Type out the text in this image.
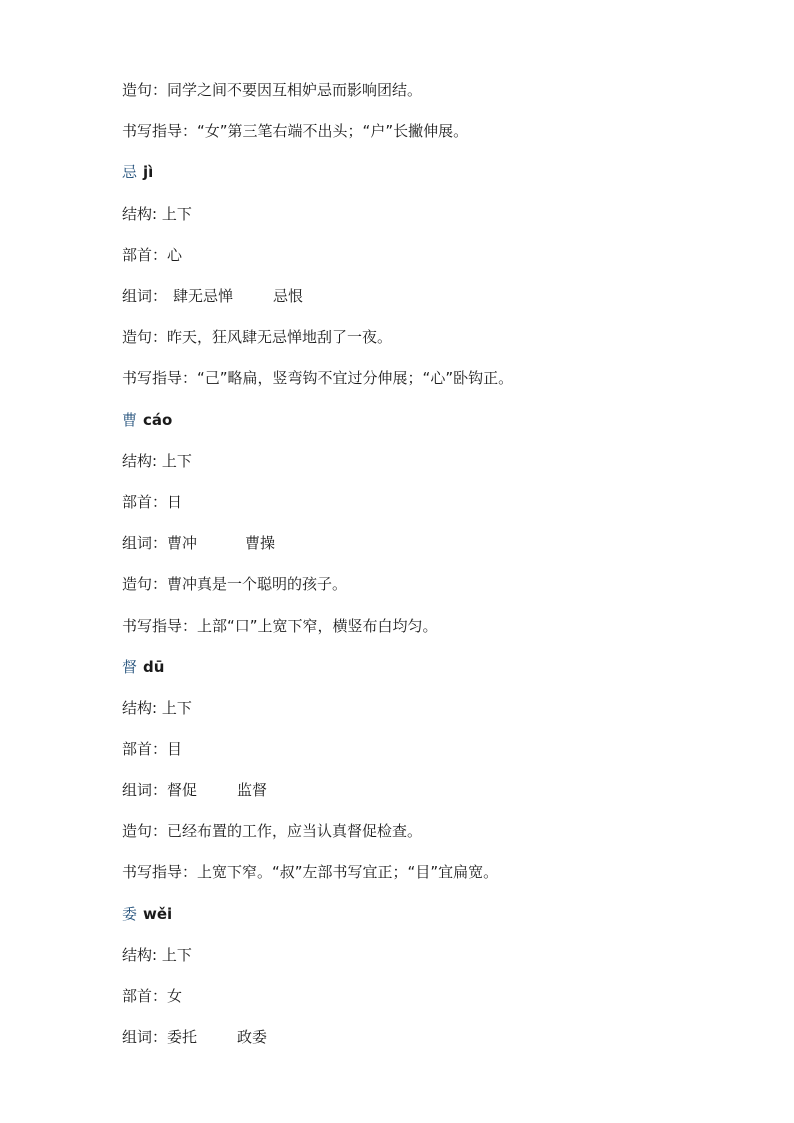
造句：同学之间不要因互相妒忌而影响团结。
书写指导：“女”第三笔右端不出头；“户”长撇伸展。
忌 jì
结构: 上下
部首：心
组词： 肆无忌惮	忌恨
造句：昨天，狂风肆无忌惮地刮了一夜。
书写指导：“己”略扁，竖弯钩不宜过分伸展；“心”卧钩正。
曹 cáo
结构: 上下
部首：日
组词：曹冲	曹操
造句：曹冲真是一个聪明的孩子。
书写指导：上部“口”上宽下窄，横竖布白均匀。
督 dū
结构: 上下
部首：目
组词：督促	监督
造句：已经布置的工作，应当认真督促检查。
书写指导：上宽下窄。“叔”左部书写宜正；“目”宜扁宽。
委 wěi
结构: 上下
部首：女
组词：委托	政委
